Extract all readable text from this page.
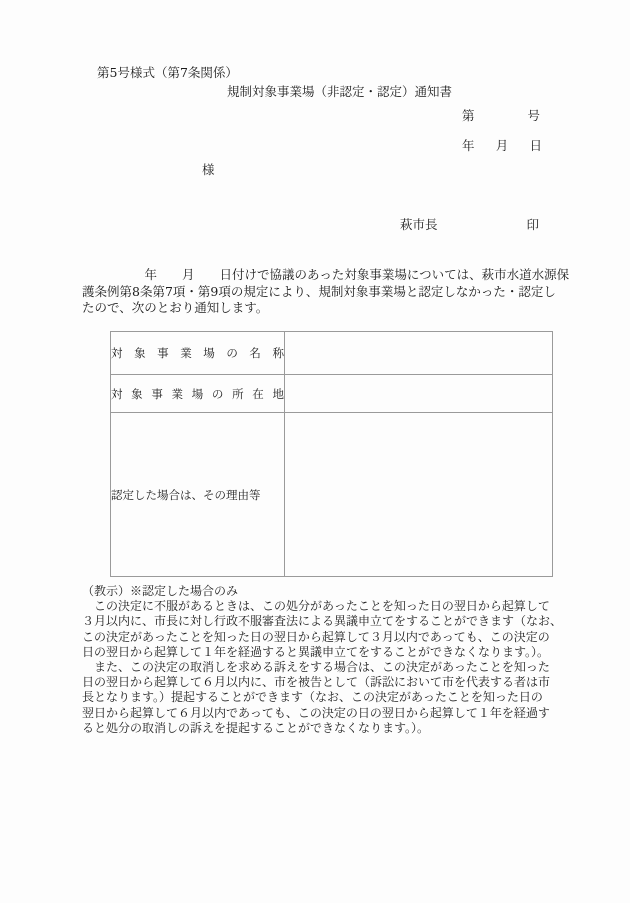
第5号様式（第7条関係）
規制対象事業場（非認定・認定）通知書
第	号
年 月 日
様
萩市長	印
　　　　　年　　月　　日付けで協議のあった対象事業場については、萩市水道水源保
護条例第8条第7項・第9項の規定により、規制対象事業場と認定しなかった・認定し
たので、次のとおり通知します。
対象事業場の名称	
対象事業場の所在地	
認定した場合は、その理由等	
（教示）※認定した場合のみ
　この決定に不服があるときは、この処分があったことを知った日の翌日から起算して
３月以内に、市長に対し行政不服審査法による異議申立てをすることができます（なお、
この決定があったことを知った日の翌日から起算して３月以内であっても、この決定の
日の翌日から起算して１年を経過すると異議申立てをすることができなくなります。）。
　また、この決定の取消しを求める訴えをする場合は、この決定があったことを知った
日の翌日から起算して６月以内に、市を被告として（訴訟において市を代表する者は市
長となります。）提起することができます（なお、この決定があったことを知った日の
翌日から起算して６月以内であっても、この決定の日の翌日から起算して１年を経過す
ると処分の取消しの訴えを提起することができなくなります。）。
